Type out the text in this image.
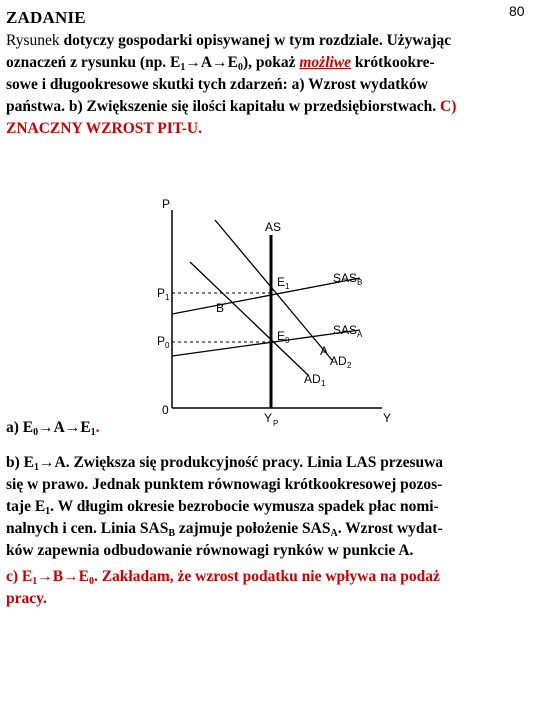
80
ZADANIE
Rysunek dotyczy gospodarki opisywanej w tym rozdziale. Używając
oznaczeń z rysunku (np. $E_1\to A\to E_0$), pokaż możliwe krótkookre-
sowe i długookresowe skutki tych zdarzeń: a) Wzrost wydatków
państwa. b) Zwiększenie się ilości kapitału w przedsiębiorstwach. C)
ZNACZNY WZROST PIT-U.
P
0
Y
AS
Y P
P 1
P 0
SAS B
SAS A
AD 2
AD 1
E 1
E 0
B
A
a) $E_0\to A\to E_1$.
b) $E_1\to A$. Zwiększa się produkcyjność pracy. Linia LAS przesuwa
się w prawo. Jednak punktem równowagi krótkookresowej pozos-
taje $E_1$. W długim okresie bezrobocie wymusza spadek płac nomi-
nalnych i cen. Linia $SAS_B$ zajmuje położenie $SAS_A$. Wzrost wydat-
ków zapewnia odbudowanie równowagi rynków w punkcie A.
c) $E_1\to B\to E_0$. Zakładam, że wzrost podatku nie wpływa na podaż
pracy.
